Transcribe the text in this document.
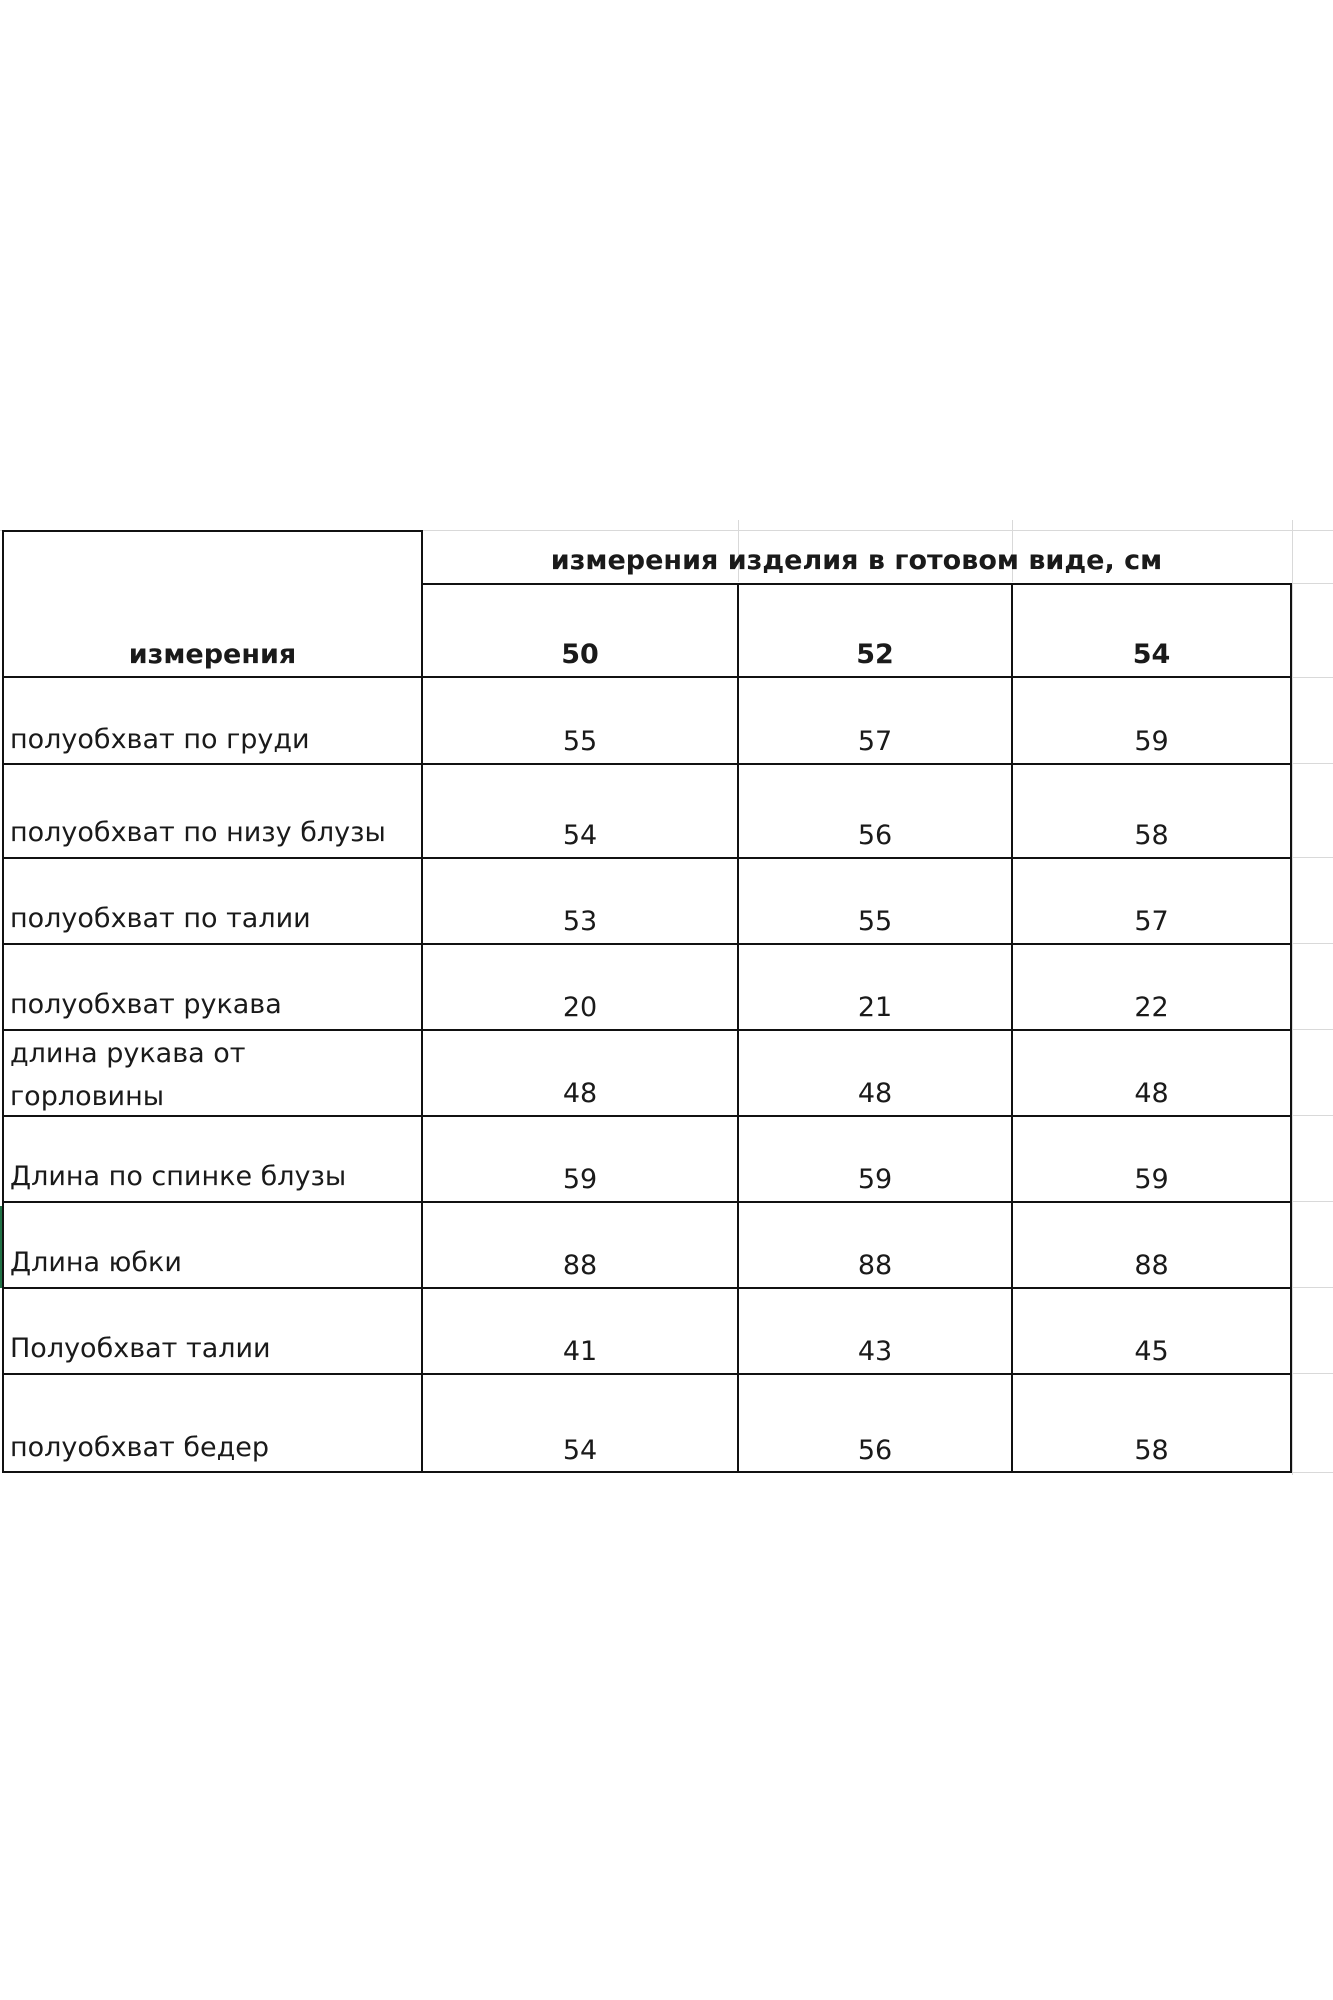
измерения изделия в готовом виде, см
измерения	50	52	54
полуобхват по груди	55	57	59
полуобхват по низу блузы	54	56	58
полуобхват по талии	53	55	57
полуобхват рукава	20	21	22
длина рукава от горловины	48	48	48
Длина по спинке блузы	59	59	59
Длина юбки	88	88	88
Полуобхват талии	41	43	45
полуобхват бедер	54	56	58
